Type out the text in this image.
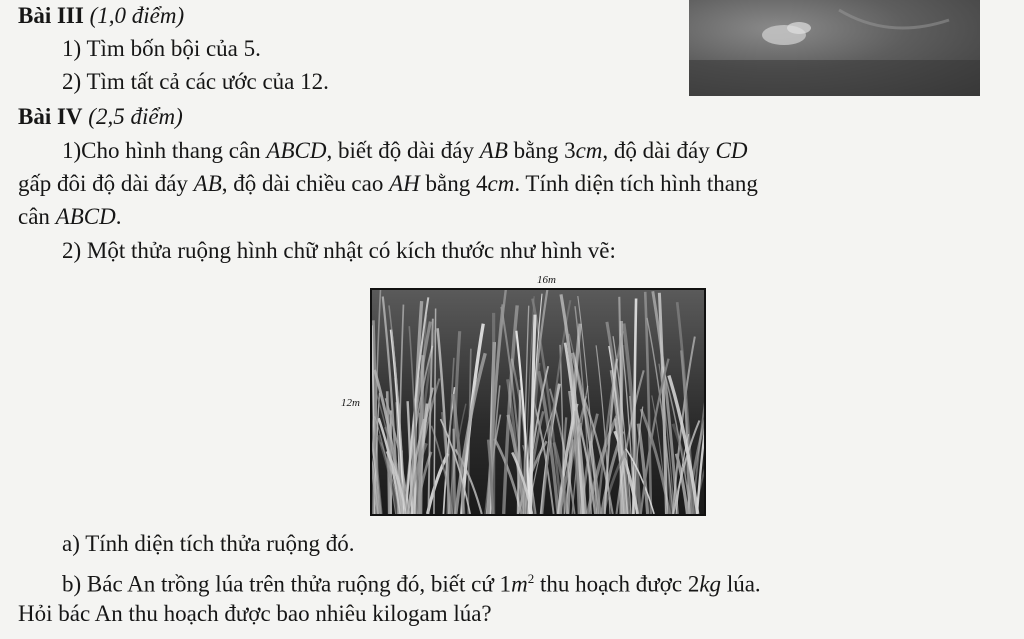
Bài III (1,0 điểm)
1) Tìm bốn bội của 5.
2) Tìm tất cả các ước của 12.
Bài IV (2,5 điểm)
1)Cho hình thang cân ABCD, biết độ dài đáy AB bằng 3cm, độ dài đáy CD
gấp đôi độ dài đáy AB, độ dài chiều cao AH bằng 4cm. Tính diện tích hình thang
cân ABCD.
2) Một thửa ruộng hình chữ nhật có kích thước như hình vẽ:
16m
12m
a) Tính diện tích thửa ruộng đó.
b) Bác An trồng lúa trên thửa ruộng đó, biết cứ $1m^2$ thu hoạch được 2kg lúa.
Hỏi bác An thu hoạch được bao nhiêu kilogam lúa?
